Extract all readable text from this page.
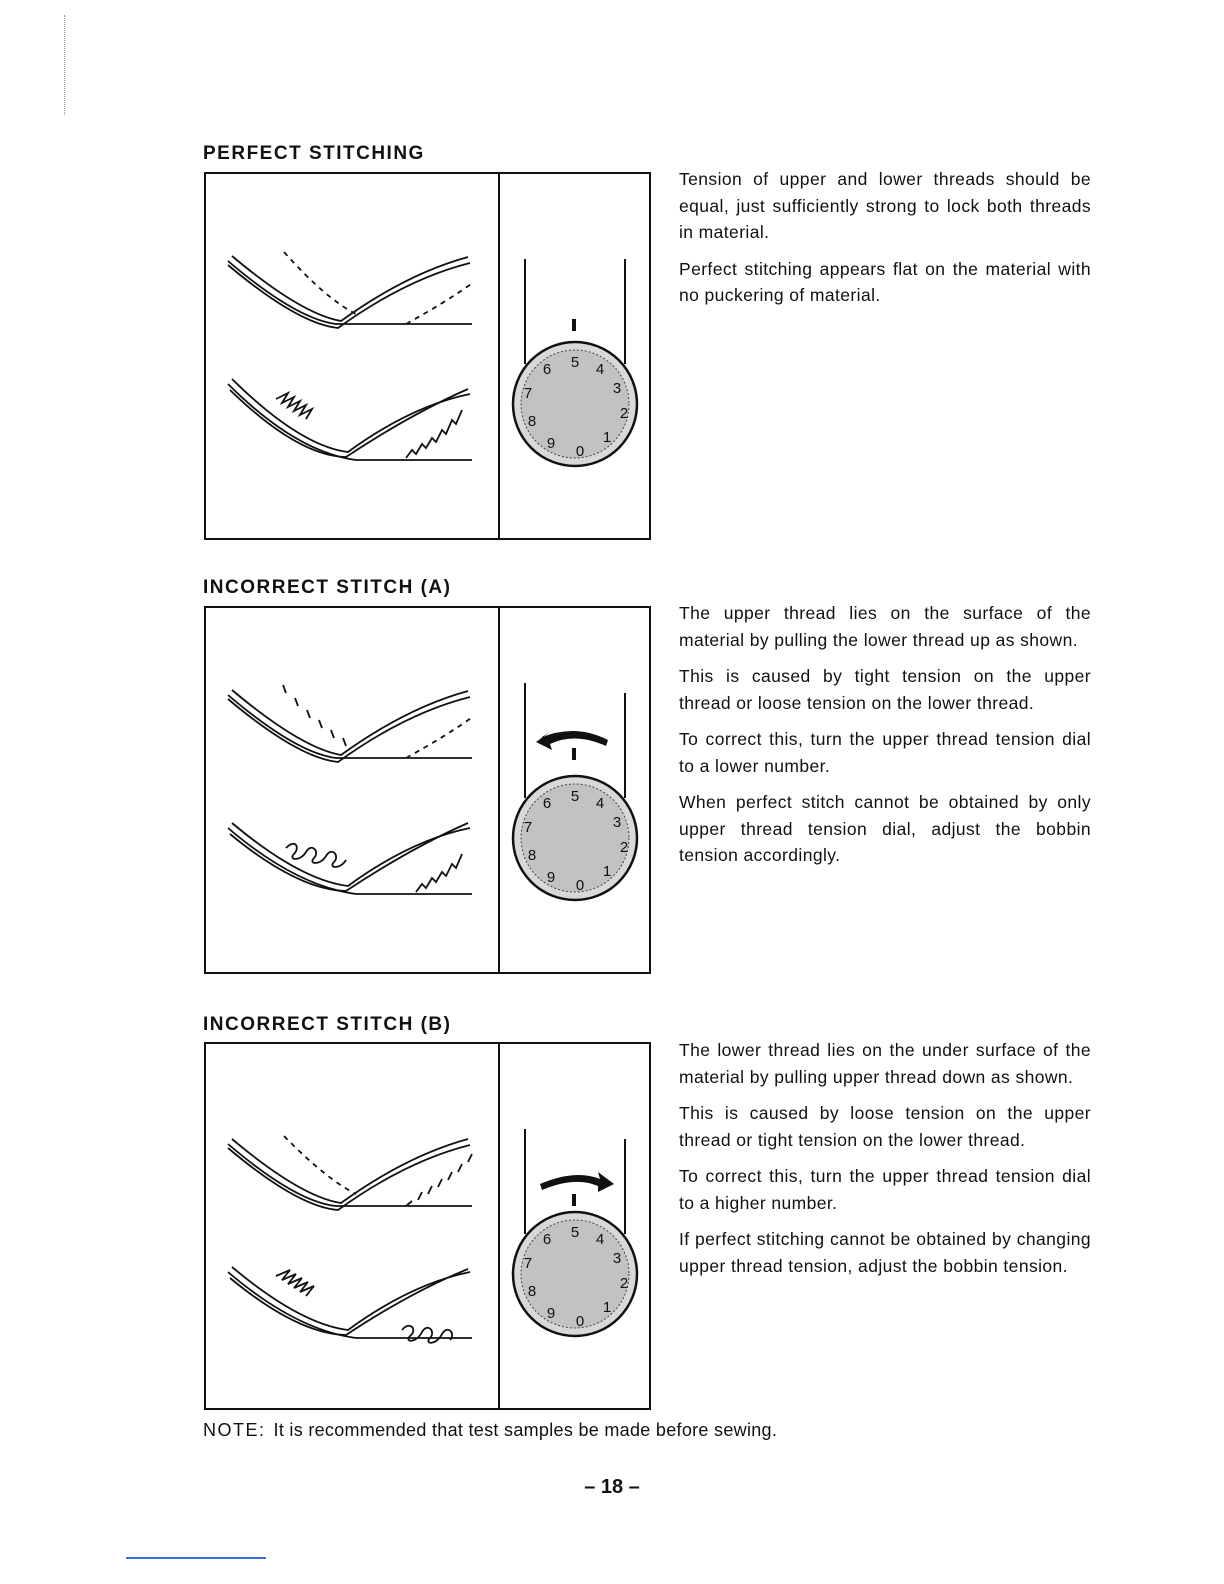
PERFECT STITCHING
5 4
3
2
1
0
9
8
7
6

Tension of upper and lower threads should be equal, just sufficiently strong to lock both threads in material.

Perfect stitching appears flat on the material with no puckering of material.

INCORRECT STITCH (A)
5 4
3
2
1
0
9
8
7
6

The upper thread lies on the surface of the material by pulling the lower thread up as shown.

This is caused by tight tension on the upper thread or loose tension on the lower thread.

To correct this, turn the upper thread tension dial to a lower number.

When perfect stitch cannot be obtained by only upper thread tension dial, adjust the bobbin tension accordingly.

INCORRECT STITCH (B)
5 4
3
2
1
0
9
8
7
6

The lower thread lies on the under surface of the material by pulling upper thread down as shown.

This is caused by loose tension on the upper thread or tight tension on the lower thread.

To correct this, turn the upper thread tension dial to a higher number.

If perfect stitching cannot be obtained by changing upper thread tension, adjust the bobbin tension.

NOTE: It is recommended that test samples be made before sewing.
– 18 –
